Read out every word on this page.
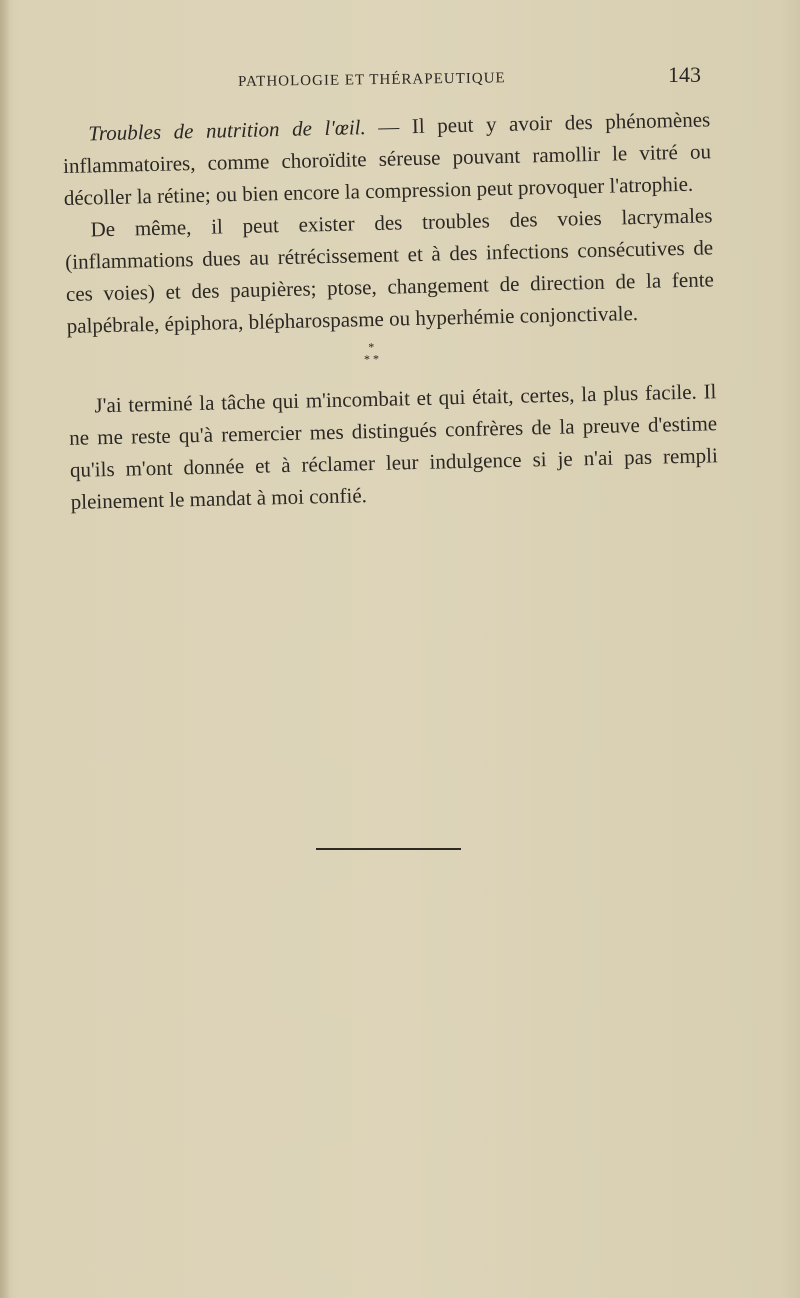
PATHOLOGIE ET THÉRAPEUTIQUE	143

Troubles de nutrition de l'œil. — Il peut y avoir des phénomènes inflammatoires, comme choroïdite séreuse pouvant ramollir le vitré ou décoller la rétine; ou bien encore la compression peut provoquer l'atrophie.

De même, il peut exister des troubles des voies lacrymales (inflammations dues au rétrécissement et à des infections consécutives de ces voies) et des paupières; ptose, changement de direction de la fente palpébrale, épiphora, blépharospasme ou hyperhémie conjonctivale.

*
* *

J'ai terminé la tâche qui m'incombait et qui était, certes, la plus facile. Il ne me reste qu'à remercier mes distingués confrères de la preuve d'estime qu'ils m'ont donnée et à réclamer leur indulgence si je n'ai pas rempli pleinement le mandat à moi confié.
